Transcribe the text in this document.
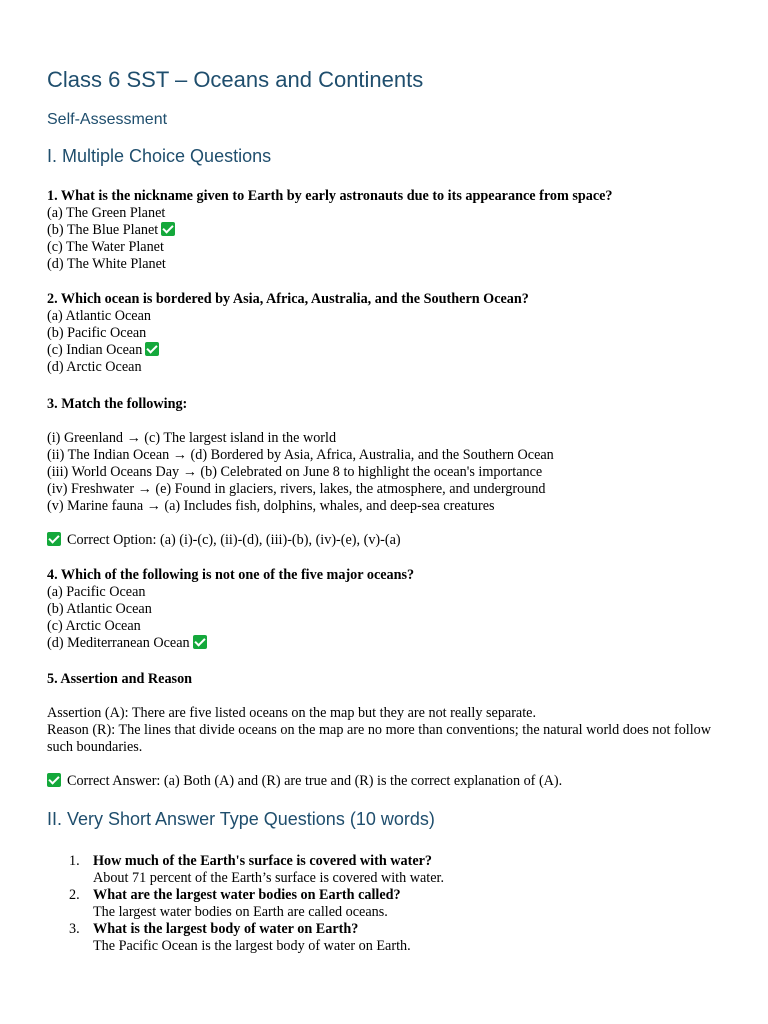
Class 6 SST – Oceans and Continents
Self-Assessment
I. Multiple Choice Questions
1. What is the nickname given to Earth by early astronauts due to its appearance from space?
(a) The Green Planet
(b) The Blue Planet
(c) The Water Planet
(d) The White Planet
2. Which ocean is bordered by Asia, Africa, Australia, and the Southern Ocean?
(a) Atlantic Ocean
(b) Pacific Ocean
(c) Indian Ocean
(d) Arctic Ocean
3. Match the following:
(i) Greenland → (c) The largest island in the world
(ii) The Indian Ocean → (d) Bordered by Asia, Africa, Australia, and the Southern Ocean
(iii) World Oceans Day → (b) Celebrated on June 8 to highlight the ocean's importance
(iv) Freshwater → (e) Found in glaciers, rivers, lakes, the atmosphere, and underground
(v) Marine fauna → (a) Includes fish, dolphins, whales, and deep-sea creatures
Correct Option: (a) (i)-(c), (ii)-(d), (iii)-(b), (iv)-(e), (v)-(a)
4. Which of the following is not one of the five major oceans?
(a) Pacific Ocean
(b) Atlantic Ocean
(c) Arctic Ocean
(d) Mediterranean Ocean
5. Assertion and Reason
Assertion (A): There are five listed oceans on the map but they are not really separate.
Reason (R): The lines that divide oceans on the map are no more than conventions; the natural world does not follow such boundaries.
Correct Answer: (a) Both (A) and (R) are true and (R) is the correct explanation of (A).
II. Very Short Answer Type Questions (10 words)
1. How much of the Earth's surface is covered with water?
About 71 percent of the Earth’s surface is covered with water.
2. What are the largest water bodies on Earth called?
The largest water bodies on Earth are called oceans.
3. What is the largest body of water on Earth?
The Pacific Ocean is the largest body of water on Earth.
